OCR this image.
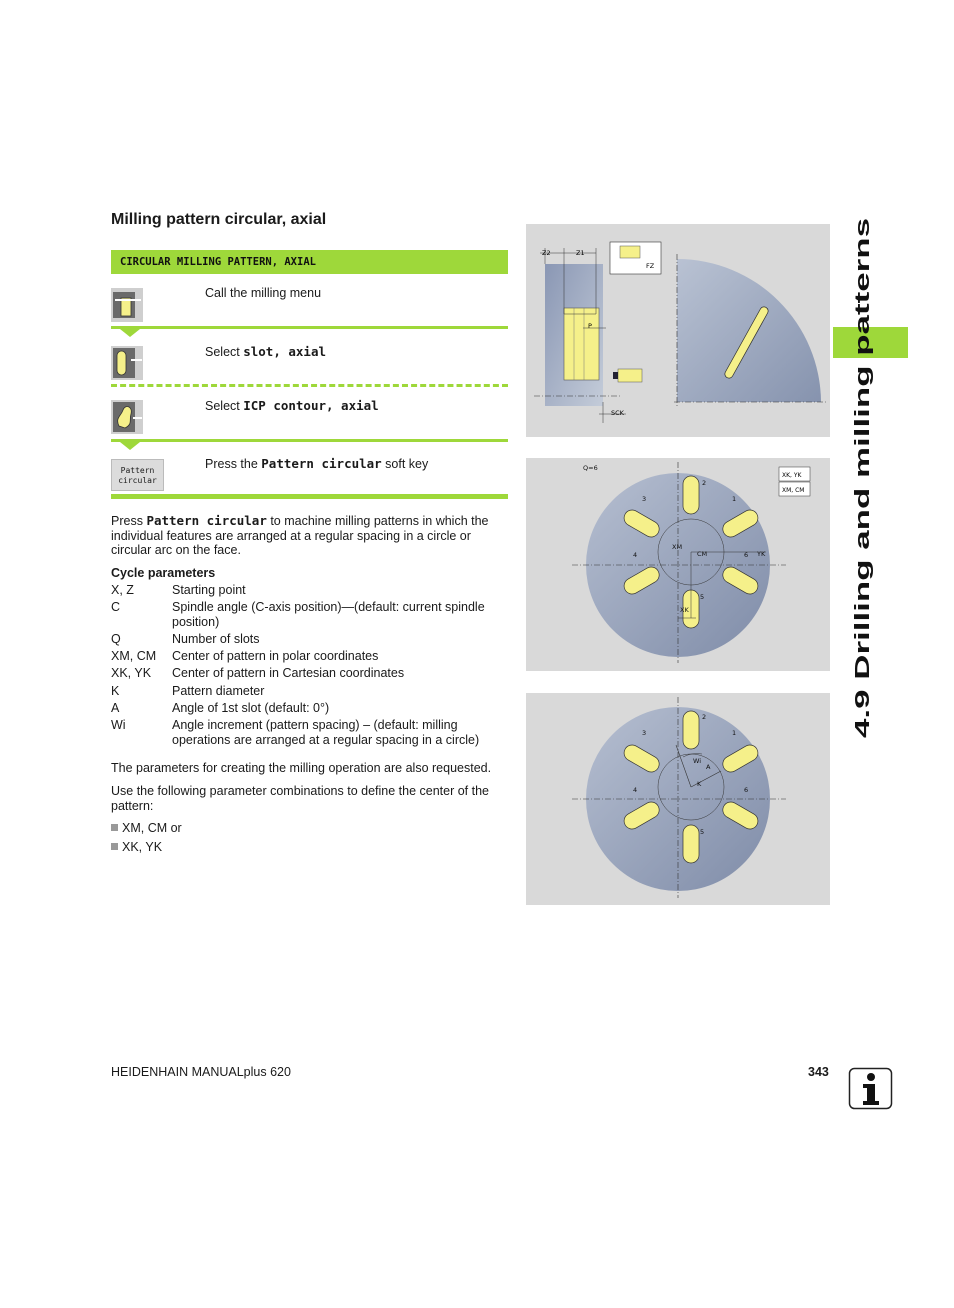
Milling pattern circular, axial
CIRCULAR MILLING PATTERN, AXIAL
Call the milling menu
Select slot, axial
Select ICP contour, axial
Pattern
circular
Press the Pattern circular soft key
Press Pattern circular to machine milling patterns in which the individual features are arranged at a regular spacing in a circle or circular arc on the face.
Cycle parameters
X, Z	Starting point
C	Spindle angle (C-axis position)—(default: current spindle position)
Q	Number of slots
XM, CM	Center of pattern in polar coordinates
XK, YK	Center of pattern in Cartesian coordinates
K	Pattern diameter
A	Angle of 1st slot (default: 0°)
Wi	Angle increment (pattern spacing) – (default: milling operations are arranged at a regular spacing in a circle)
The parameters for creating the milling operation are also requested.
Use the following parameter combinations to define the center of the pattern:
XM, CM or
XK, YK
Z2	Z1
P
SCK
FZ
Q=6
2
1
3
4	6
5
XM
CM	YK
XK
XK, YK
XM, CM
2
1
3
4	6
5
Wi
A
K
4.9 Drilling and milling patterns
HEIDENHAIN MANUALplus 620	343
